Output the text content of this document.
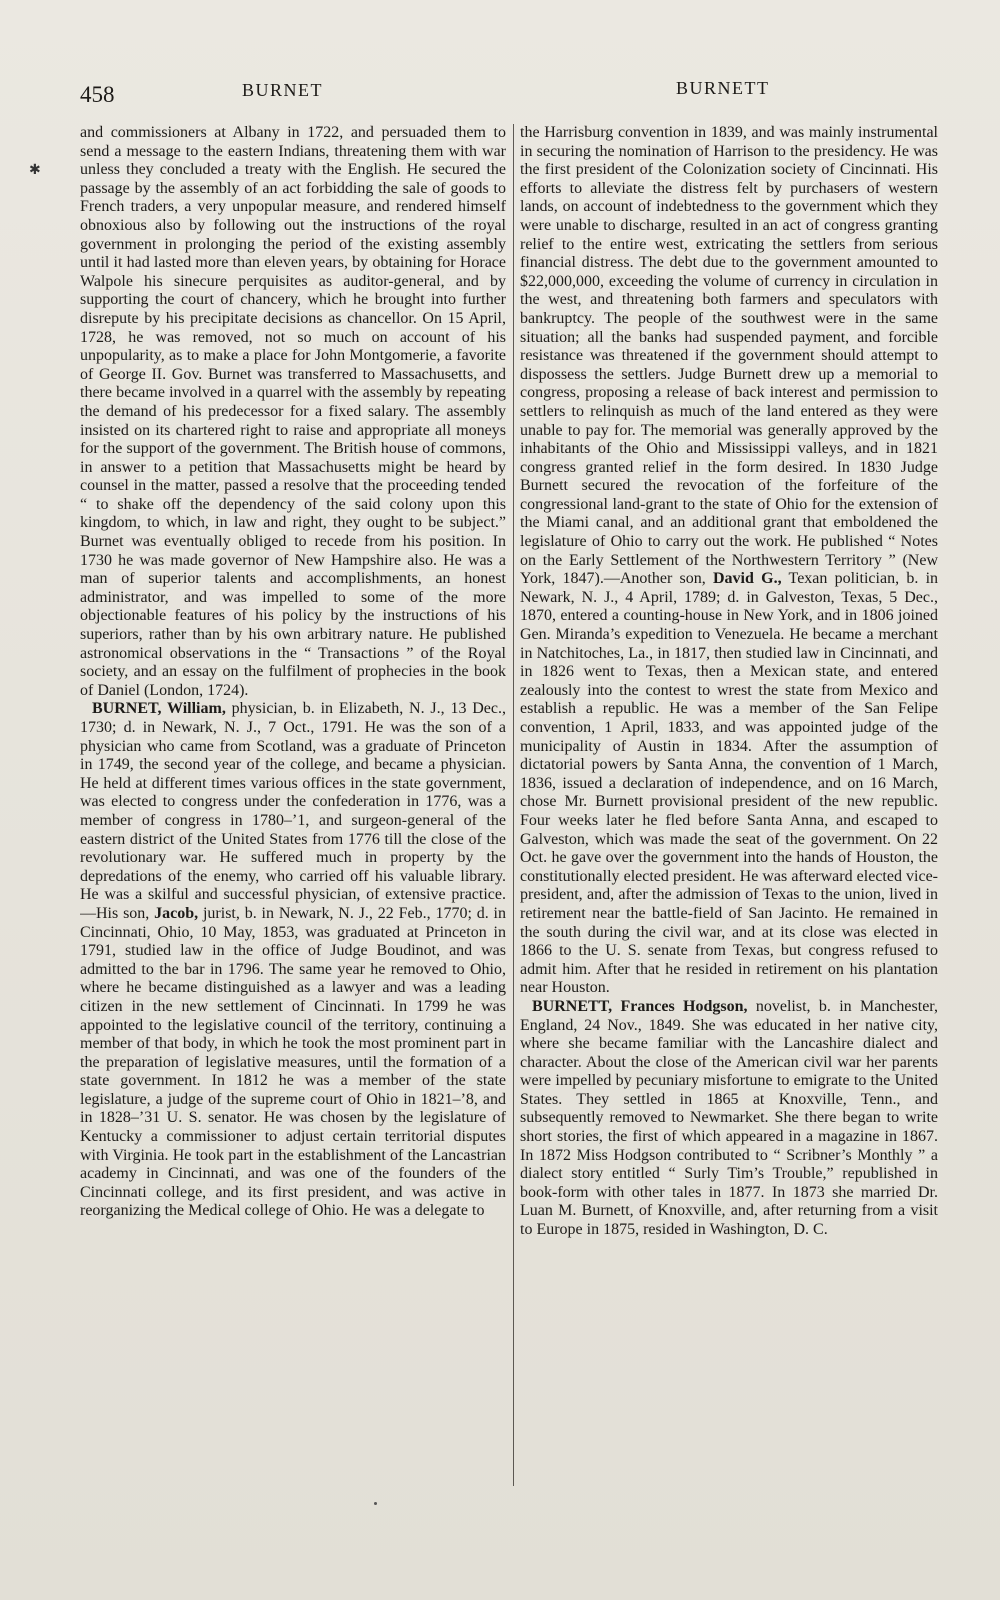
458	BURNET	BURNETT
✱

and commissioners at Albany in 1722, and persuaded them to send a message to the eastern Indians, threatening them with war unless they concluded a treaty with the English. He secured the passage by the assembly of an act forbidding the sale of goods to French traders, a very unpopular measure, and rendered himself obnoxious also by following out the instructions of the royal government in prolonging the period of the existing assembly until it had lasted more than eleven years, by obtaining for Horace Walpole his sinecure perquisites as auditor-general, and by supporting the court of chancery, which he brought into further disrepute by his precipitate decisions as chancellor. On 15 April, 1728, he was removed, not so much on account of his unpopularity, as to make a place for John Montgomerie, a favorite of George II. Gov. Burnet was transferred to Massachusetts, and there became involved in a quarrel with the assembly by repeating the demand of his predecessor for a fixed salary. The assembly insisted on its chartered right to raise and appropriate all moneys for the support of the government. The British house of commons, in answer to a petition that Massachusetts might be heard by counsel in the matter, passed a resolve that the proceeding tended “ to shake off the dependency of the said colony upon this kingdom, to which, in law and right, they ought to be subject.” Burnet was eventually obliged to recede from his position. In 1730 he was made governor of New Hampshire also. He was a man of superior talents and accomplishments, an honest administrator, and was impelled to some of the more objectionable features of his policy by the instructions of his superiors, rather than by his own arbitrary nature. He published astronomical observations in the “ Transactions ” of the Royal society, and an essay on the fulfilment of prophecies in the book of Daniel (London, 1724).

BURNET, William, physician, b. in Elizabeth, N. J., 13 Dec., 1730; d. in Newark, N. J., 7 Oct., 1791. He was the son of a physician who came from Scotland, was a graduate of Princeton in 1749, the second year of the college, and became a physician. He held at different times various offices in the state government, was elected to congress under the confederation in 1776, was a member of congress in 1780–’1, and surgeon-general of the eastern district of the United States from 1776 till the close of the revolutionary war. He suffered much in property by the depredations of the enemy, who carried off his valuable library. He was a skilful and successful physician, of extensive practice.—His son, Jacob, jurist, b. in Newark, N. J., 22 Feb., 1770; d. in Cincinnati, Ohio, 10 May, 1853, was graduated at Princeton in 1791, studied law in the office of Judge Boudinot, and was admitted to the bar in 1796. The same year he removed to Ohio, where he became distinguished as a lawyer and was a leading citizen in the new settlement of Cincinnati. In 1799 he was appointed to the legislative council of the territory, continuing a member of that body, in which he took the most prominent part in the preparation of legislative measures, until the formation of a state government. In 1812 he was a member of the state legislature, a judge of the supreme court of Ohio in 1821–’8, and in 1828–’31 U. S. senator. He was chosen by the legislature of Kentucky a commissioner to adjust certain territorial disputes with Virginia. He took part in the establishment of the Lancastrian academy in Cincinnati, and was one of the founders of the Cincinnati college, and its first president, and was active in reorganizing the Medical college of Ohio. He was a delegate to

the Harrisburg convention in 1839, and was mainly instrumental in securing the nomination of Harrison to the presidency. He was the first president of the Colonization society of Cincinnati. His efforts to alleviate the distress felt by purchasers of western lands, on account of indebtedness to the government which they were unable to discharge, resulted in an act of congress granting relief to the entire west, extricating the settlers from serious financial distress. The debt due to the government amounted to $22,000,000, exceeding the volume of currency in circulation in the west, and threatening both farmers and speculators with bankruptcy. The people of the southwest were in the same situation; all the banks had suspended payment, and forcible resistance was threatened if the government should attempt to dispossess the settlers. Judge Burnett drew up a memorial to congress, proposing a release of back interest and permission to settlers to relinquish as much of the land entered as they were unable to pay for. The memorial was generally approved by the inhabitants of the Ohio and Mississippi valleys, and in 1821 congress granted relief in the form desired. In 1830 Judge Burnett secured the revocation of the forfeiture of the congressional land-grant to the state of Ohio for the extension of the Miami canal, and an additional grant that emboldened the legislature of Ohio to carry out the work. He published “ Notes on the Early Settlement of the Northwestern Territory ” (New York, 1847).—Another son, David G., Texan politician, b. in Newark, N. J., 4 April, 1789; d. in Galveston, Texas, 5 Dec., 1870, entered a counting-house in New York, and in 1806 joined Gen. Miranda’s expedition to Venezuela. He became a merchant in Natchitoches, La., in 1817, then studied law in Cincinnati, and in 1826 went to Texas, then a Mexican state, and entered zealously into the contest to wrest the state from Mexico and establish a republic. He was a member of the San Felipe convention, 1 April, 1833, and was appointed judge of the municipality of Austin in 1834. After the assumption of dictatorial powers by Santa Anna, the convention of 1 March, 1836, issued a declaration of independence, and on 16 March, chose Mr. Burnett provisional president of the new republic. Four weeks later he fled before Santa Anna, and escaped to Galveston, which was made the seat of the government. On 22 Oct. he gave over the government into the hands of Houston, the constitutionally elected president. He was afterward elected vice-president, and, after the admission of Texas to the union, lived in retirement near the battle-field of San Jacinto. He remained in the south during the civil war, and at its close was elected in 1866 to the U. S. senate from Texas, but congress refused to admit him. After that he resided in retirement on his plantation near Houston.

BURNETT, Frances Hodgson, novelist, b. in Manchester, England, 24 Nov., 1849. She was educated in her native city, where she became familiar with the Lancashire dialect and character. About the close of the American civil war her parents were impelled by pecuniary misfortune to emigrate to the United States. They settled in 1865 at Knoxville, Tenn., and subsequently removed to Newmarket. She there began to write short stories, the first of which appeared in a magazine in 1867. In 1872 Miss Hodgson contributed to “ Scribner’s Monthly ” a dialect story entitled “ Surly Tim’s Trouble,” republished in book-form with other tales in 1877. In 1873 she married Dr. Luan M. Burnett, of Knoxville, and, after returning from a visit to Europe in 1875, resided in Washington, D. C.
